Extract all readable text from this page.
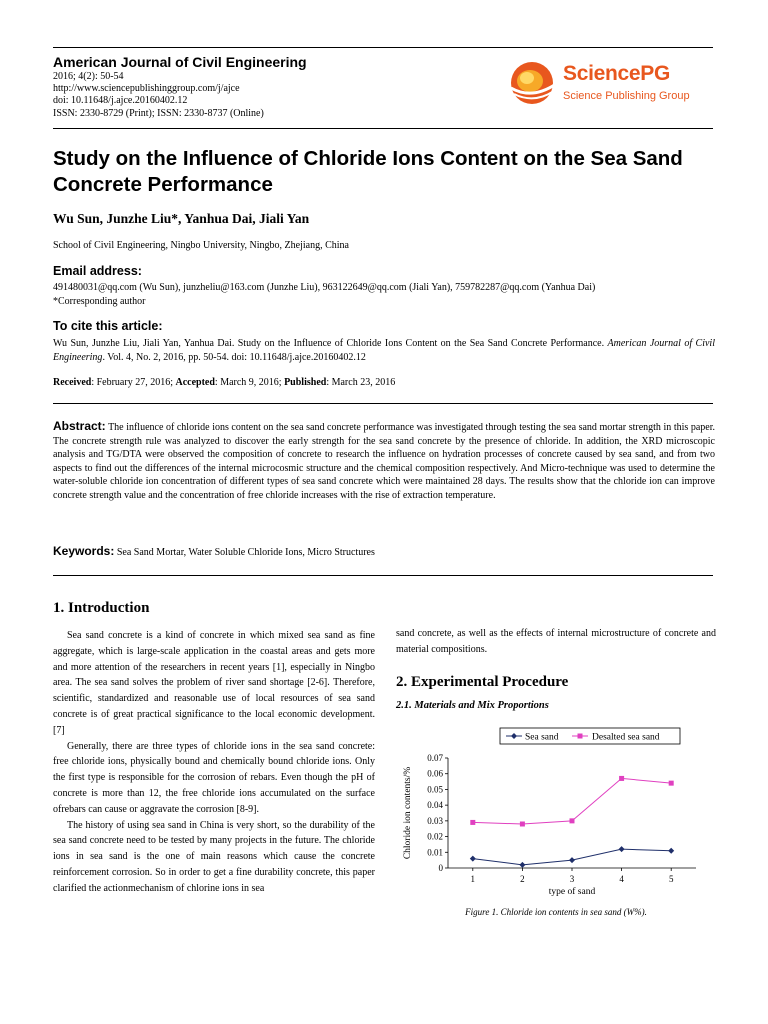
American Journal of Civil Engineering
2016; 4(2): 50-54
http://www.sciencepublishinggroup.com/j/ajce
doi: 10.11648/j.ajce.20160402.12
ISSN: 2330-8729 (Print); ISSN: 2330-8737 (Online)
SciencePG
Science Publishing Group
Study on the Influence of Chloride Ions Content on the Sea Sand Concrete Performance
Wu Sun, Junzhe Liu*, Yanhua Dai, Jiali Yan
School of Civil Engineering, Ningbo University, Ningbo, Zhejiang, China
Email address:
491480031@qq.com (Wu Sun), junzheliu@163.com (Junzhe Liu), 963122649@qq.com (Jiali Yan), 759782287@qq.com (Yanhua Dai)
*Corresponding author
To cite this article:
Wu Sun, Junzhe Liu, Jiali Yan, Yanhua Dai. Study on the Influence of Chloride Ions Content on the Sea Sand Concrete Performance. American Journal of Civil Engineering. Vol. 4, No. 2, 2016, pp. 50-54. doi: 10.11648/j.ajce.20160402.12
Received: February 27, 2016; Accepted: March 9, 2016; Published: March 23, 2016
Abstract: The influence of chloride ions content on the sea sand concrete performance was investigated through testing the sea sand mortar strength in this paper. The concrete strength rule was analyzed to discover the early strength for the sea sand concrete by the presence of chloride. In addition, the XRD microscopic analysis and TG/DTA were observed the composition of concrete to research the influence on hydration processes of concrete caused by sea sand, and from two aspects to find out the differences of the internal microcosmic structure and the chemical composition respectively. And Micro-technique was used to determine the water-soluble chloride ion concentration of different types of sea sand concrete which were maintained 28 days. The results show that the chloride ion can improve concrete strength value and the concentration of free chloride increases with the rise of extraction temperature.
Keywords: Sea Sand Mortar, Water Soluble Chloride Ions, Micro Structures
1. Introduction

Sea sand concrete is a kind of concrete in which mixed sea sand as fine aggregate, which is large-scale application in the coastal areas and gets more and more attention of the researchers in recent years [1], especially in Ningbo area. The sea sand solves the problem of river sand shortage [2-6]. Therefore, scientific, standardized and reasonable use of local resources of sea sand concrete is of great practical significance to the local economic development. [7]

Generally, there are three types of chloride ions in the sea sand concrete: free chloride ions, physically bound and chemically bound chloride ions. Only the first type is responsible for the corrosion of rebars. Even though the pH of concrete is more than 12, the free chloride ions accumulated on the surface ofrebars can cause or aggravate the corrosion [8-9].

The history of using sea sand in China is very short, so the durability of the sea sand concrete need to be tested by many projects in the future. The chloride ions in sea sand is the one of main reasons which cause the concrete reinforcement corrosion. So in order to get a fine durability concrete, this paper clarified the actionmechanism of chlorine ions in sea

sand concrete, as well as the effects of internal microstructure of concrete and material compositions.
2. Experimental Procedure
2.1. Materials and Mix Proportions
Sea sand	Desalted sea sand
0
0.01
0.02
0.03
0.04
0.05
0.06
0.07
1	2	3	4	5
type of sand
Chloride ion contents/%
Figure 1. Chloride ion contents in sea sand (W%).
